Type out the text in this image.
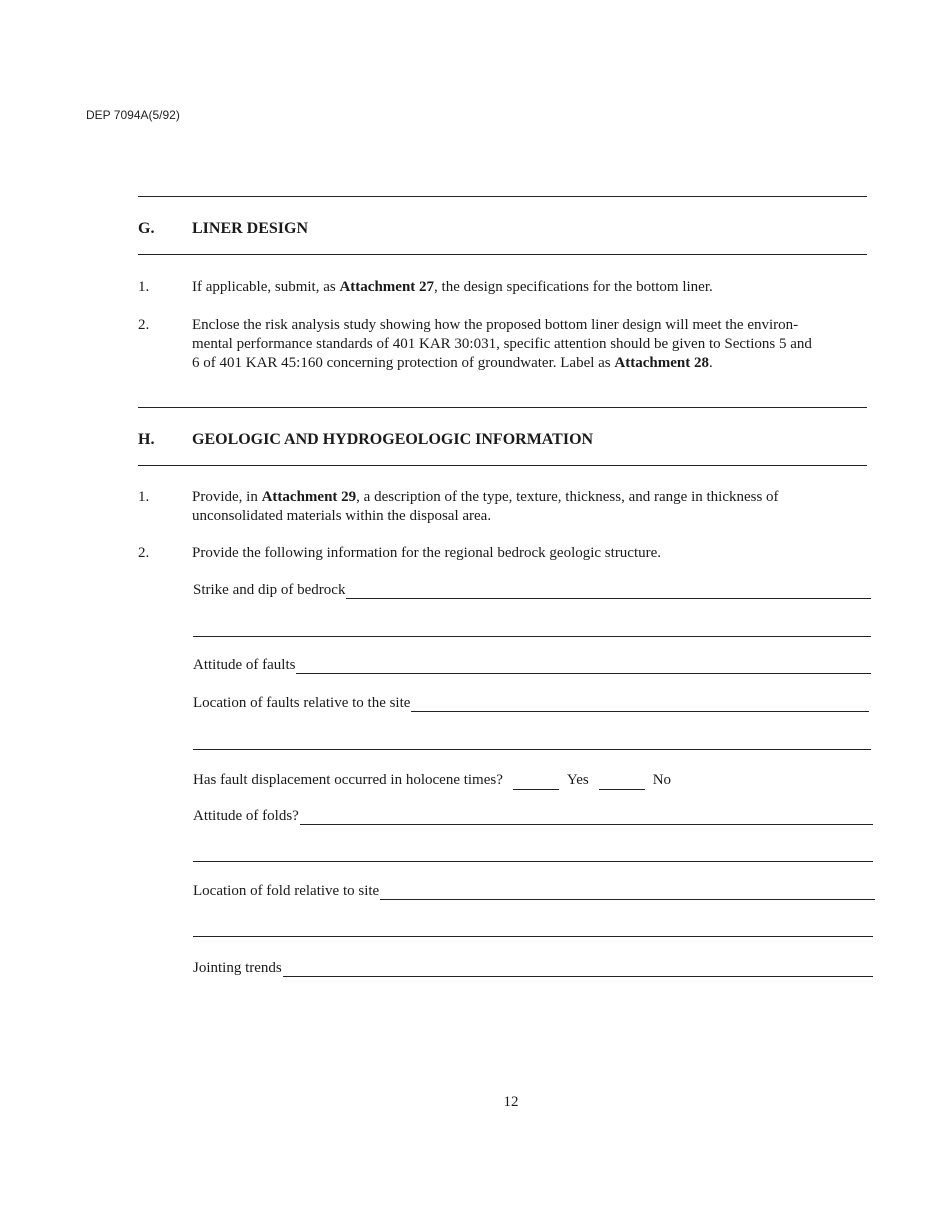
DEP 7094A(5/92)
G. LINER DESIGN
1.	If applicable, submit, as Attachment 27, the design specifications for the bottom liner.
2.	Enclose the risk analysis study showing how the proposed bottom liner design will meet the environ-
mental performance standards of 401 KAR 30:031, specific attention should be given to Sections 5 and
6 of 401 KAR 45:160 concerning protection of groundwater. Label as Attachment 28.
H. GEOLOGIC AND HYDROGEOLOGIC INFORMATION
1.	Provide, in Attachment 29, a description of the type, texture, thickness, and range in thickness of
unconsolidated materials within the disposal area.
2.	Provide the following information for the regional bedrock geologic structure.
Strike and dip of bedrock
Attitude of faults
Location of faults relative to the site
Has fault displacement occurred in holocene times?	Yes	No
Attitude of folds?
Location of fold relative to site
Jointing trends
12
